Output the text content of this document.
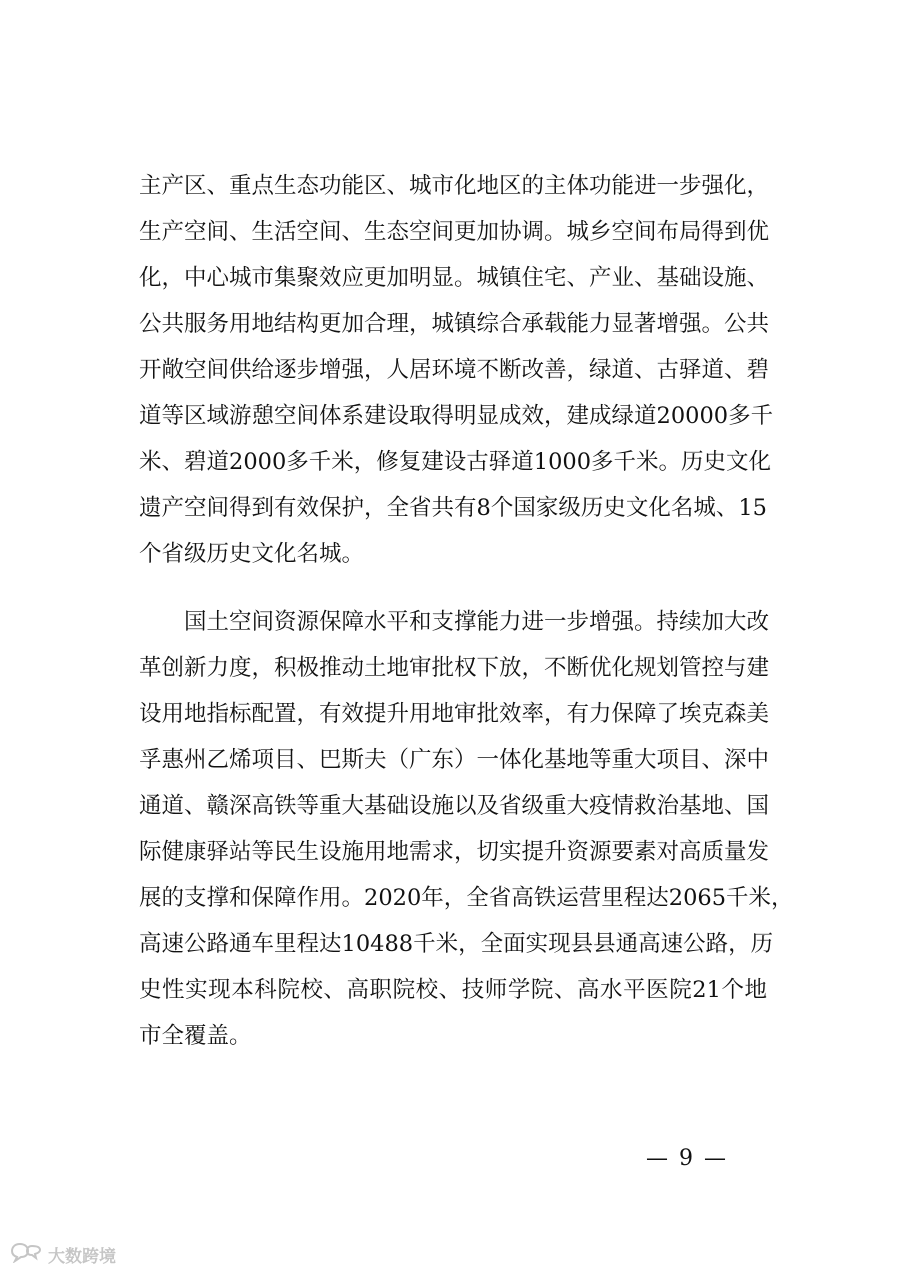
主产区、重点生态功能区、城市化地区的主体功能进一步强化，
生产空间、生活空间、生态空间更加协调。城乡空间布局得到优
化，中心城市集聚效应更加明显。城镇住宅、产业、基础设施、
公共服务用地结构更加合理，城镇综合承载能力显著增强。公共
开敞空间供给逐步增强，人居环境不断改善，绿道、古驿道、碧
道等区域游憩空间体系建设取得明显成效，建成绿道20000多千
米、碧道2000多千米，修复建设古驿道1000多千米。历史文化
遗产空间得到有效保护，全省共有8个国家级历史文化名城、15
个省级历史文化名城。
国土空间资源保障水平和支撑能力进一步增强。持续加大改
革创新力度，积极推动土地审批权下放，不断优化规划管控与建
设用地指标配置，有效提升用地审批效率，有力保障了埃克森美
孚惠州乙烯项目、巴斯夫（广东）一体化基地等重大项目、深中
通道、赣深高铁等重大基础设施以及省级重大疫情救治基地、国
际健康驿站等民生设施用地需求，切实提升资源要素对高质量发
展的支撑和保障作用。2020年，全省高铁运营里程达2065千米，
高速公路通车里程达10488千米，全面实现县县通高速公路，历
史性实现本科院校、高职院校、技师学院、高水平医院21个地
市全覆盖。
— 9 —
大数跨境
